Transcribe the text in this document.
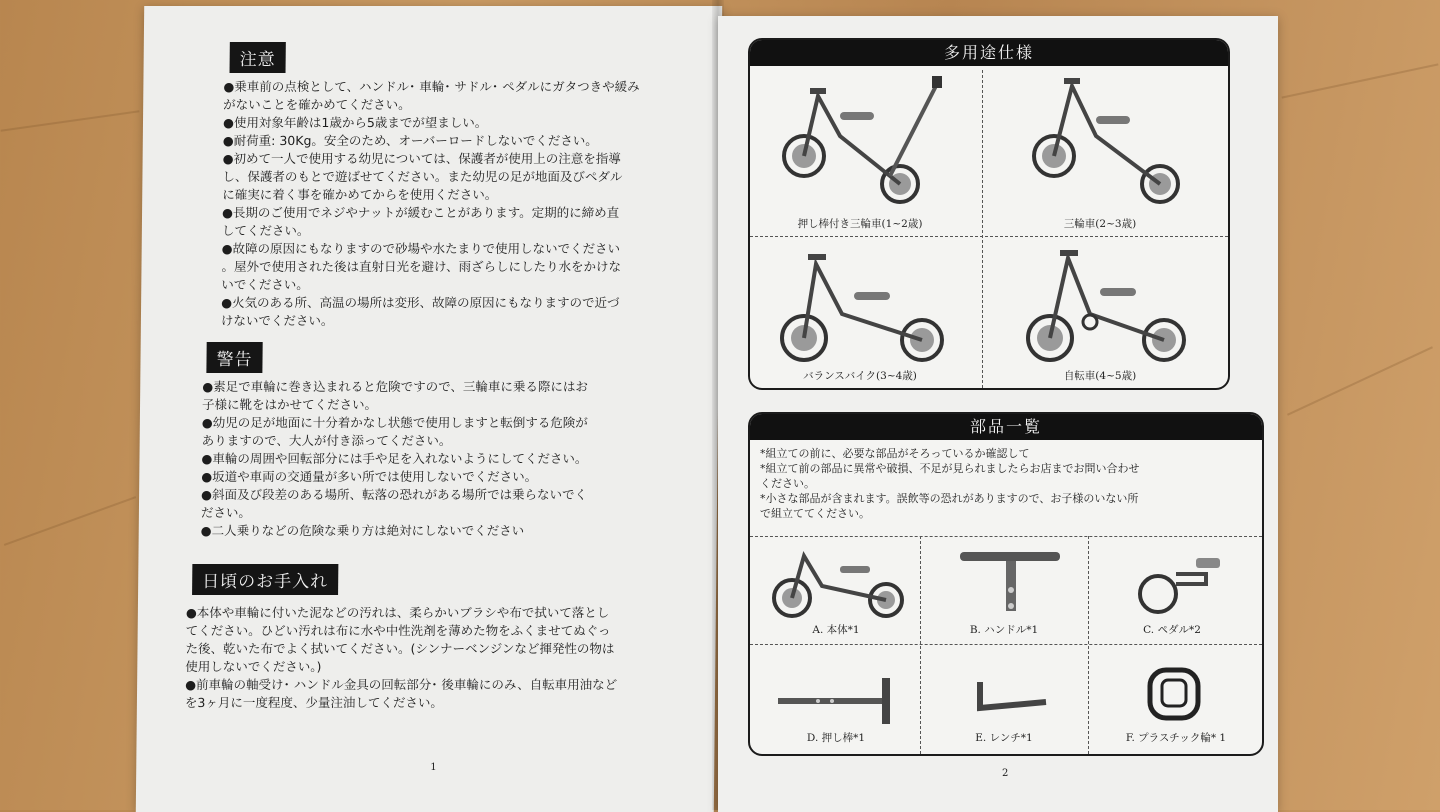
注意
●乗車前の点検として、ハンドル･ 車輪･ サドル･ ペダルにガタつきや緩み
がないことを確かめてください。
●使用対象年齢は1歳から5歳までが望ましい。
●耐荷重: 30Kg。安全のため、オーバーロードしないでください。
●初めて一人で使用する幼児については、保護者が使用上の注意を指導
し、保護者のもとで遊ばせてください。また幼児の足が地面及びペダル
に確実に着く事を確かめてからを使用ください。
●長期のご使用でネジやナットが緩むことがあります。定期的に締め直
してください。
●故障の原因にもなりますので砂場や水たまりで使用しないでください
。屋外で使用された後は直射日光を避け、雨ざらしにしたり水をかけな
いでください。
●火気のある所、高温の場所は変形、故障の原因にもなりますので近づ
けないでください。
警告
●素足で車輪に巻き込まれると危険ですので、三輪車に乗る際にはお
子様に靴をはかせてください。
●幼児の足が地面に十分着かなし状態で使用しますと転倒する危険が
ありますので、大人が付き添ってください。
●車輪の周囲や回転部分には手や足を入れないようにしてください。
●坂道や車両の交通量が多い所では使用しないでください。
●斜面及び段差のある場所、転落の恐れがある場所では乗らないでく
ださい。
●二人乗りなどの危険な乗り方は絶対にしないでください
日頃のお手入れ
●本体や車輪に付いた泥などの汚れは、柔らかいブラシや布で拭いて落とし
てください。ひどい汚れは布に水や中性洗剤を薄めた物をふくませてぬぐっ
た後、乾いた布でよく拭いてください。(シンナーベンジンなど揮発性の物は
使用しないでください。)
●前車輪の軸受け･ ハンドル金具の回転部分･ 後車輪にのみ、自転車用油など
を3ヶ月に一度程度、少量注油してください。
1
多用途仕様
押し棒付き三輪車(1~2歳)	三輪車(2~3歳)
バランスバイク(3~4歳)	自転車(4~5歳)
部品一覧
*組立ての前に、必要な部品がそろっているか確認して
*組立て前の部品に異常や破損、不足が見られましたらお店までお問い合わせ
ください。
*小さな部品が含まれます。誤飲等の恐れがありますので、お子様のいない所
で組立ててください。
A. 本体*1	B. ハンドル*1	C. ペダル*2
D. 押し棒*1	E. レンチ*1	F. プラスチック輪* 1
2
